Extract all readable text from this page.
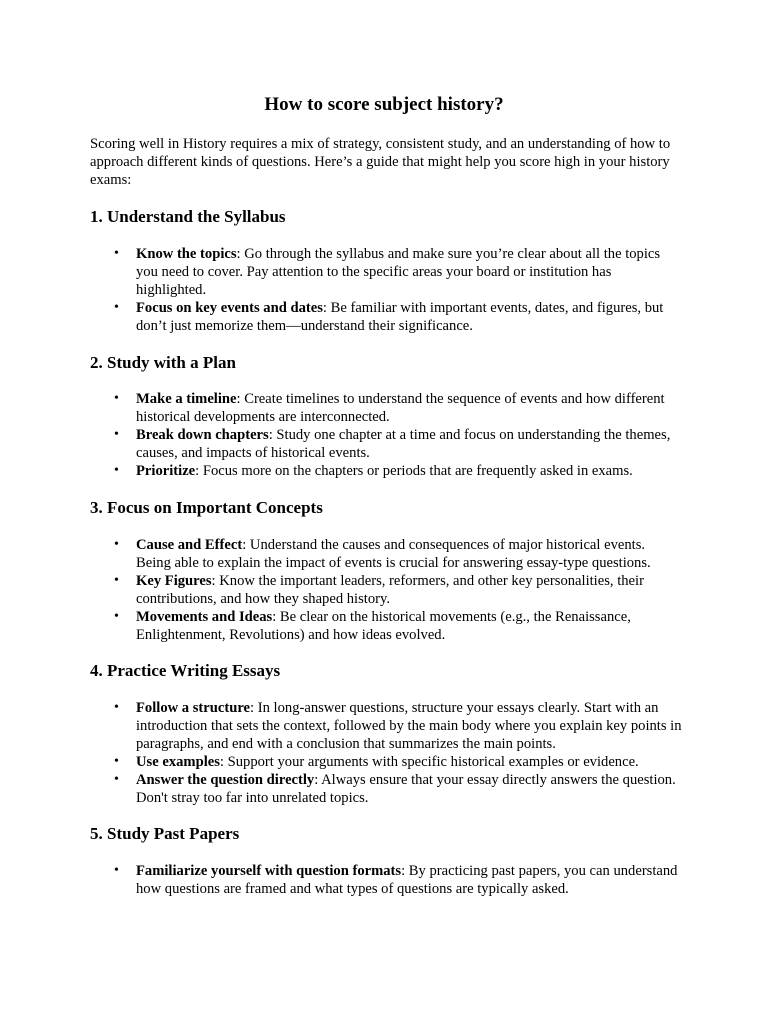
How to score subject history?

Scoring well in History requires a mix of strategy, consistent study, and an understanding of how to approach different kinds of questions. Here’s a guide that might help you score high in your history exams:

1. Understand the Syllabus
• Know the topics: Go through the syllabus and make sure you’re clear about all the topics you need to cover. Pay attention to the specific areas your board or institution has highlighted.
• Focus on key events and dates: Be familiar with important events, dates, and figures, but don’t just memorize them—understand their significance.
2. Study with a Plan
• Make a timeline: Create timelines to understand the sequence of events and how different historical developments are interconnected.
• Break down chapters: Study one chapter at a time and focus on understanding the themes, causes, and impacts of historical events.
• Prioritize: Focus more on the chapters or periods that are frequently asked in exams.
3. Focus on Important Concepts
• Cause and Effect: Understand the causes and consequences of major historical events. Being able to explain the impact of events is crucial for answering essay-type questions.
• Key Figures: Know the important leaders, reformers, and other key personalities, their contributions, and how they shaped history.
• Movements and Ideas: Be clear on the historical movements (e.g., the Renaissance, Enlightenment, Revolutions) and how ideas evolved.
4. Practice Writing Essays
• Follow a structure: In long-answer questions, structure your essays clearly. Start with an introduction that sets the context, followed by the main body where you explain key points in paragraphs, and end with a conclusion that summarizes the main points.
• Use examples: Support your arguments with specific historical examples or evidence.
• Answer the question directly: Always ensure that your essay directly answers the question. Don't stray too far into unrelated topics.
5. Study Past Papers
• Familiarize yourself with question formats: By practicing past papers, you can understand how questions are framed and what types of questions are typically asked.
